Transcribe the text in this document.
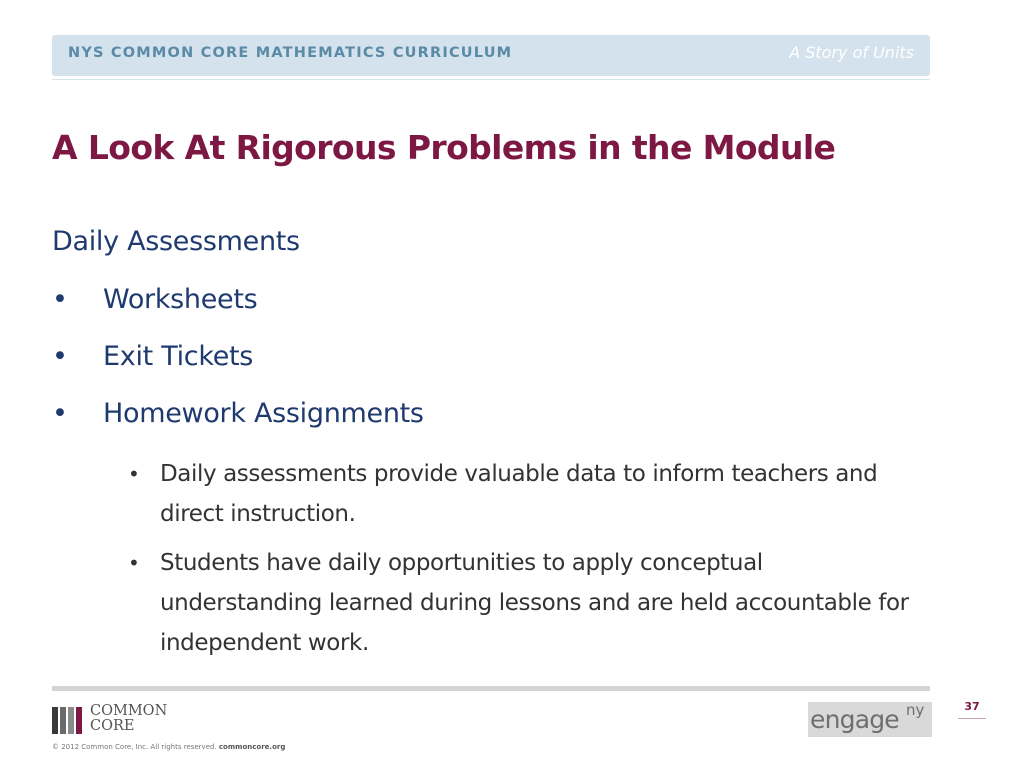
NYS COMMON CORE MATHEMATICS CURRICULUM	A Story of Units
A Look At Rigorous Problems in the Module
Daily Assessments
• Worksheets
• Exit Tickets
• Homework Assignments
• Daily assessments provide valuable data to inform teachers and direct instruction.
• Students have daily opportunities to apply conceptual understanding learned during lessons and are held accountable for independent work.
COMMON
CORE
© 2012 Common Core, Inc. All rights reserved. commoncore.org
engage ny	37
